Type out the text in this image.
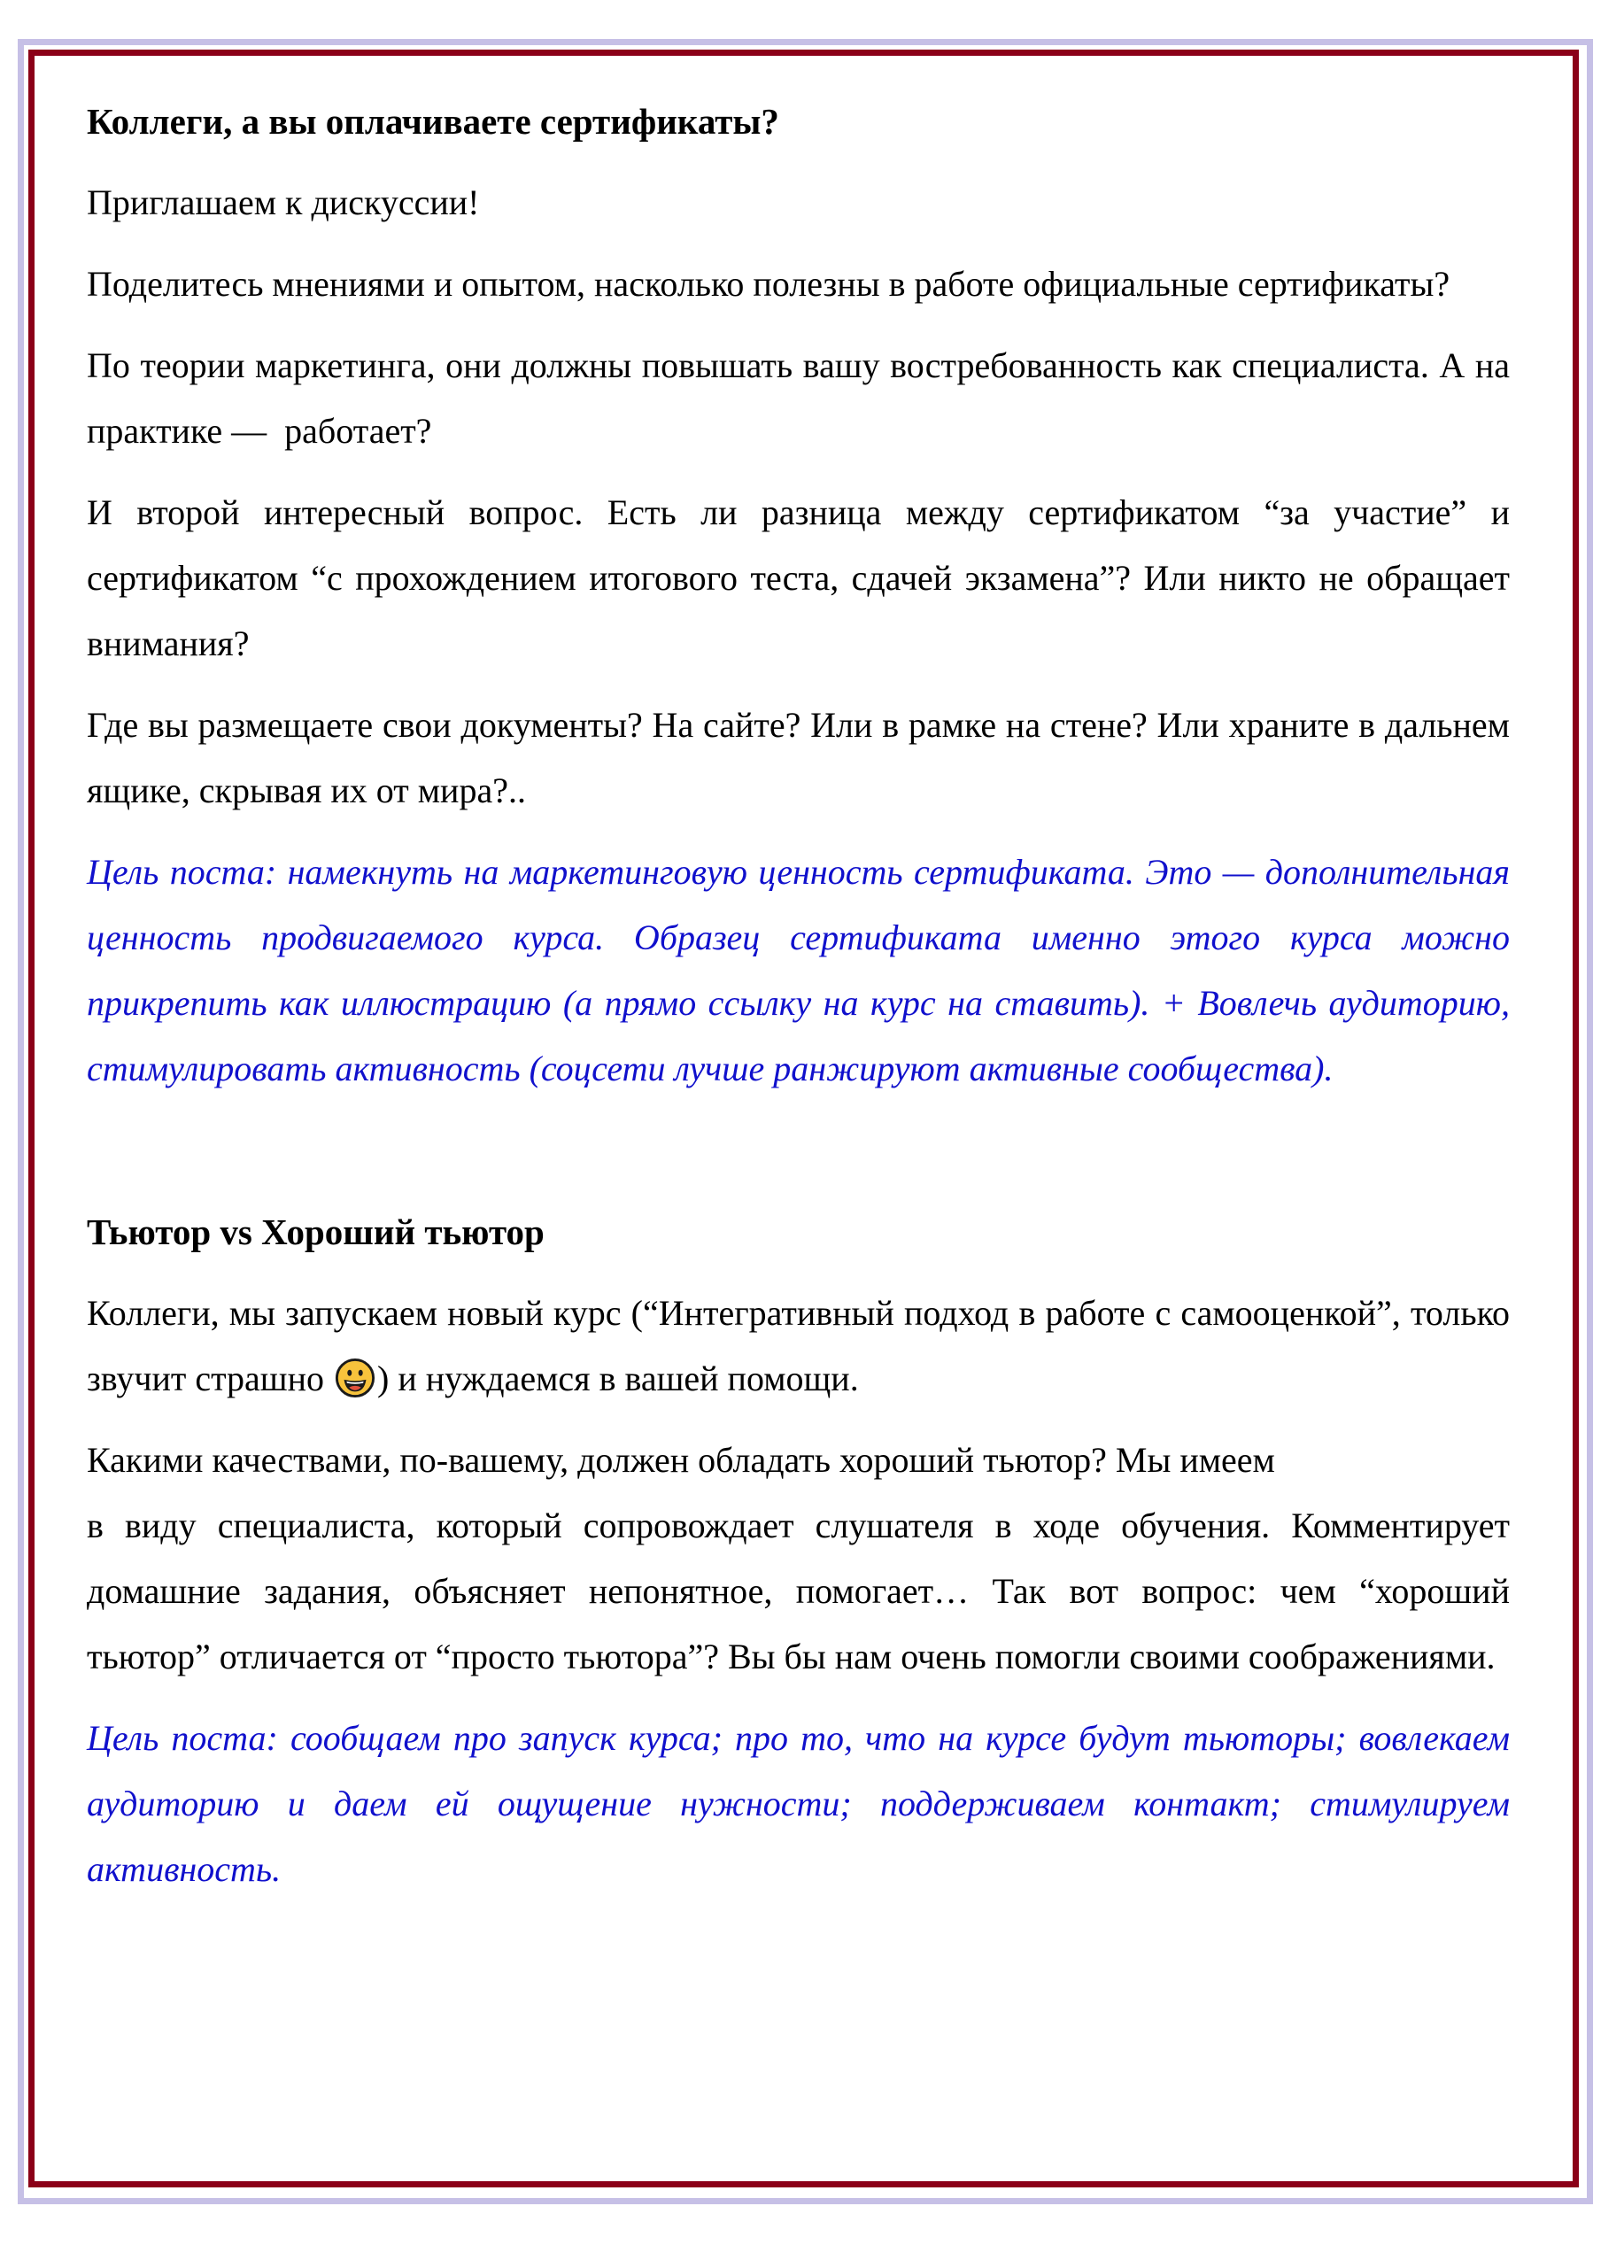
Коллеги, а вы оплачиваете сертификаты?

Приглашаем к дискуссии!

Поделитесь мнениями и опытом, насколько полезны в работе официальные сертификаты?

По теории маркетинга, они должны повышать вашу востребованность как специалиста. А на практике —  работает?

И второй интересный вопрос. Есть ли разница между сертификатом “за участие” и сертификатом “с прохождением итогового теста, сдачей экзамена”? Или никто не обращает внимания?

Где вы размещаете свои документы? На сайте? Или в рамке на стене? Или храните в дальнем ящике, скрывая их от мира?..

Цель поста: намекнуть на маркетинговую ценность сертификата. Это — дополнительная ценность продвигаемого курса. Образец сертификата именно этого курса можно прикрепить как иллюстрацию (а прямо ссылку на курс на ставить). + Вовлечь аудиторию, стимулировать активность (соцсети лучше ранжируют активные сообщества).

Тьютор vs Хороший тьютор

Коллеги, мы запускаем новый курс (“Интегративный подход в работе с самооценкой”, только звучит страшно ) и нуждаемся в вашей помощи.

Какими качествами, по-вашему, должен обладать хороший тьютор? Мы имеем
в виду специалиста, который сопровождает слушателя в ходе обучения. Комментирует домашние задания, объясняет непонятное, помогает… Так вот вопрос: чем “хороший тьютор” отличается от “просто тьютора”? Вы бы нам очень помогли своими соображениями.

Цель поста: сообщаем про запуск курса; про то, что на курсе будут тьюторы; вовлекаем аудиторию и даем ей ощущение нужности; поддерживаем контакт; стимулируем активность.
